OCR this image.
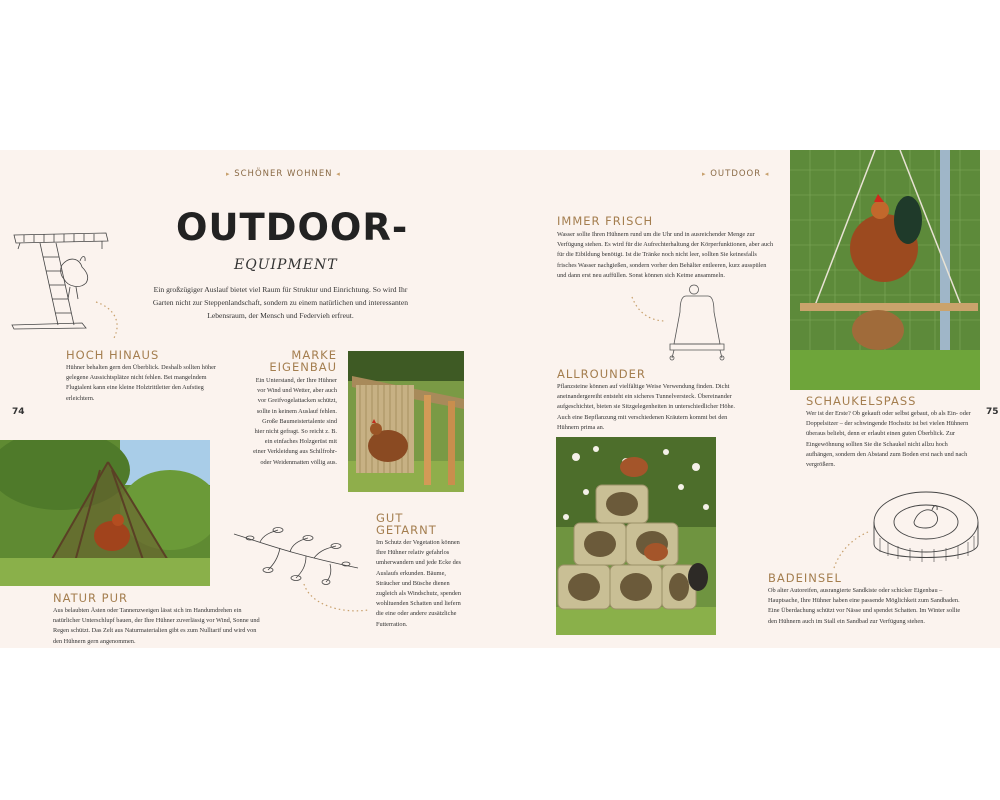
▸ SCHÖNER WOHNEN ◂	▸ OUTDOOR ◂
74	75
OUTDOOR-
EQUIPMENT
Ein großzügiger Auslauf bietet viel Raum für Struktur und Einrichtung. So wird Ihr Garten nicht zur Steppenlandschaft, sondern zu einem natürlichen und interessanten Lebensraum, der Mensch und Federvieh erfreut.
HOCH HINAUS
Hühner behalten gern den Überblick. Deshalb sollten höher gelegene Aussichtsplätze nicht fehlen. Bei mangelndem Flugtalent kann eine kleine Holztrittleiter den Aufstieg erleichtern.
MARKE
EIGENBAU
Ein Unterstand, der Ihre Hühner vor Wind und Wetter, aber auch vor Greifvogelattacken schützt, sollte in keinem Auslauf fehlen. Große Baumeistertalente sind hier nicht gefragt. So reicht z. B. ein einfaches Holzgerüst mit einer Verkleidung aus Schilfrohr- oder Weidenmatten völlig aus.
NATUR PUR
Aus belaubten Ästen oder Tannenzweigen lässt sich im Handumdrehen ein natürlicher Unterschlupf bauen, der Ihre Hühner zuverlässig vor Wind, Sonne und Regen schützt. Das Zelt aus Naturmaterialien gibt es zum Nulltarif und wird von den Hühnern gern angenommen.
GUT
GETARNT
Im Schutz der Vegetation können Ihre Hühner relativ gefahrlos umherwandern und jede Ecke des Auslaufs erkunden. Bäume, Sträucher und Büsche dienen zugleich als Windschutz, spenden wohltuenden Schatten und liefern die eine oder andere zusätzliche Futterration.
IMMER FRISCH
Wasser sollte Ihren Hühnern rund um die Uhr und in ausreichender Menge zur Verfügung stehen. Es wird für die Aufrechterhaltung der Körperfunktionen, aber auch für die Eibildung benötigt. Ist die Tränke noch nicht leer, sollten Sie keinesfalls frisches Wasser nachgießen, sondern vorher den Behälter entleeren, kurz ausspülen und dann erst neu auffüllen. Sonst können sich Keime ansammeln.
ALLROUNDER
Pflanzsteine können auf vielfältige Weise Verwendung finden. Dicht aneinandergereiht entsteht ein sicheres Tunnelversteck. Übereinander aufgeschichtet, bieten sie Sitzgelegenheiten in unterschiedlicher Höhe. Auch eine Bepflanzung mit verschiedenen Kräutern kommt bei den Hühnern prima an.
SCHAUKELSPASS
Wer ist der Erste? Ob gekauft oder selbst gebaut, ob als Ein- oder Doppelsitzer – der schwingende Hochsitz ist bei vielen Hühnern überaus beliebt, denn er erlaubt einen guten Überblick. Zur Eingewöhnung sollten Sie die Schaukel nicht allzu hoch aufhängen, sondern den Abstand zum Boden erst nach und nach vergrößern.
BADEINSEL
Ob alter Autoreifen, ausrangierte Sandkiste oder schicker Eigenbau – Hauptsache, Ihre Hühner haben eine passende Möglichkeit zum Sandbaden. Eine Überdachung schützt vor Nässe und spendet Schatten. Im Winter sollte den Hühnern auch im Stall ein Sandbad zur Verfügung stehen.
